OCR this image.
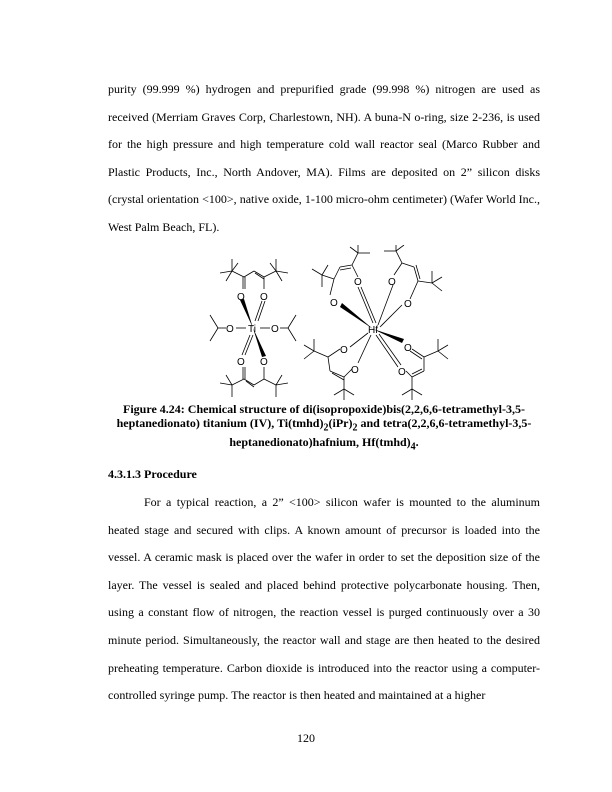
purity (99.999 %) hydrogen and prepurified grade (99.998 %) nitrogen are used as received (Merriam Graves Corp, Charlestown, NH). A buna-N o-ring, size 2-236, is used for the high pressure and high temperature cold wall reactor seal (Marco Rubber and Plastic Products, Inc., North Andover, MA). Films are deposited on 2” silicon disks (crystal orientation <100>, native oxide, 1-100 micro-ohm centimeter) (Wafer World Inc., West Palm Beach, FL).

Ti	Hf
O O
O	O
O O
O	O
O	O
O	O
O	O

Figure 4.24: Chemical structure of di(isopropoxide)bis(2,2,6,6-tetramethyl-3,5-heptanedionato) titanium (IV), $Ti(tmhd)_2(iPr)_2$ and tetra(2,2,6,6-tetramethyl-3,5-heptanedionato)hafnium, $Hf(tmhd)_4$.

4.3.1.3 Procedure

For a typical reaction, a 2” <100> silicon wafer is mounted to the aluminum heated stage and secured with clips. A known amount of precursor is loaded into the vessel. A ceramic mask is placed over the wafer in order to set the deposition size of the layer. The vessel is sealed and placed behind protective polycarbonate housing. Then, using a constant flow of nitrogen, the reaction vessel is purged continuously over a 30 minute period. Simultaneously, the reactor wall and stage are then heated to the desired preheating temperature. Carbon dioxide is introduced into the reactor using a computer-controlled syringe pump. The reactor is then heated and maintained at a higher

120
